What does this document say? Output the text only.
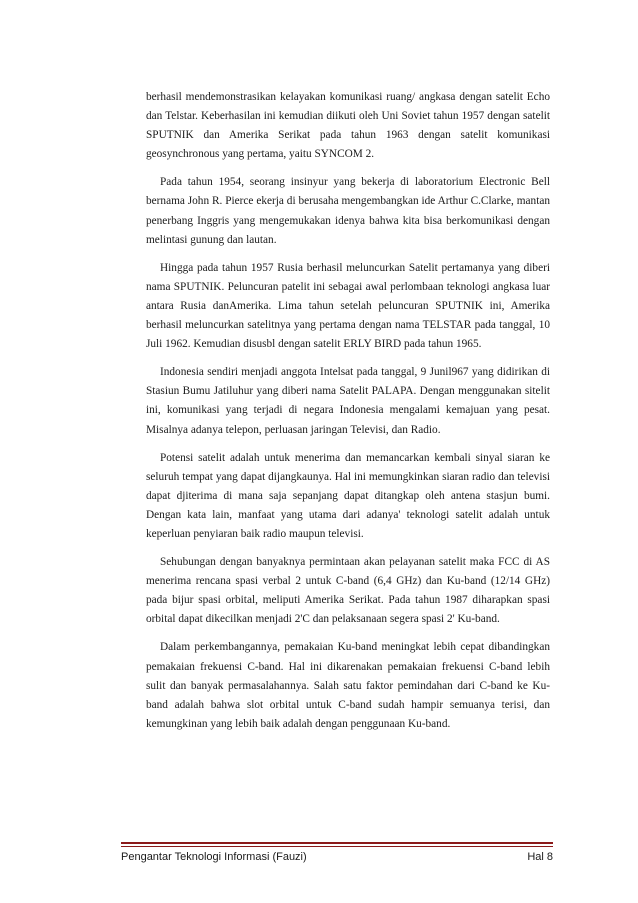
berhasil mendemonstrasikan kelayakan komunikasi ruang/ angkasa dengan satelit Echo dan Telstar. Keberhasilan ini kemudian diikuti oleh Uni Soviet tahun 1957 dengan satelit SPUTNIK dan Amerika Serikat pada tahun 1963 dengan satelit komunikasi geosynchronous yang pertama, yaitu SYNCOM 2.

Pada tahun 1954, seorang insinyur yang bekerja di laboratorium Electronic Bell bernama John R. Pierce ekerja di berusaha mengembangkan ide Arthur C.Clarke, mantan penerbang Inggris yang mengemukakan idenya bahwa kita bisa berkomunikasi dengan melintasi gunung dan lautan.

Hingga pada tahun 1957 Rusia berhasil meluncurkan Satelit pertamanya yang diberi nama SPUTNIK. Peluncuran patelit ini sebagai awal perlombaan teknologi angkasa luar antara Rusia danAmerika. Lima tahun setelah peluncuran SPUTNIK ini, Amerika berhasil meluncurkan satelitnya yang pertama dengan nama TELSTAR pada tanggal, 10 Juli 1962. Kemudian disusbl dengan satelit ERLY BIRD pada tahun 1965.

Indonesia sendiri menjadi anggota Intelsat pada tanggal, 9 Junil967 yang didirikan di Stasiun Bumu Jatiluhur yang diberi nama Satelit PALAPA. Dengan menggunakan sitelit ini, komunikasi yang terjadi di negara Indonesia mengalami kemajuan yang pesat. Misalnya adanya telepon, perluasan jaringan Televisi, dan Radio.

Potensi satelit adalah untuk menerima dan memancarkan kembali sinyal siaran ke seluruh tempat yang dapat dijangkaunya. Hal ini memungkinkan siaran radio dan televisi dapat djiterima di mana saja sepanjang dapat ditangkap oleh antena stasjun bumi. Dengan kata lain, manfaat yang utama dari adanya' teknologi satelit adalah untuk keperluan penyiaran baik radio maupun televisi.

Sehubungan dengan banyaknya permintaan akan pelayanan satelit maka FCC di AS menerima rencana spasi verbal 2 untuk C-band (6,4 GHz) dan Ku-band (12/14 GHz) pada bijur spasi orbital, meliputi Amerika Serikat. Pada tahun 1987 diharapkan spasi orbital dapat dikecilkan menjadi 2'C dan pelaksanaan segera spasi 2' Ku-band.

Dalam perkembangannya, pemakaian Ku-band meningkat lebih cepat dibandingkan pemakaian frekuensi C-band. Hal ini dikarenakan pemakaian frekuensi C-band lebih sulit dan banyak permasalahannya. Salah satu faktor pemindahan dari C-band ke Ku-band adalah bahwa slot orbital untuk C-band sudah hampir semuanya terisi, dan kemungkinan yang lebih baik adalah dengan penggunaan Ku-band.

Pengantar Teknologi Informasi (Fauzi)	Hal 8
